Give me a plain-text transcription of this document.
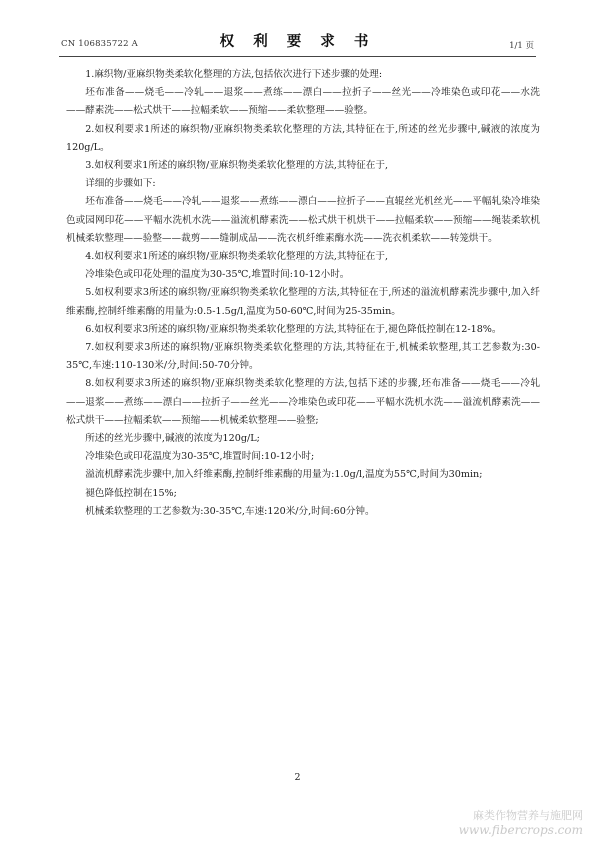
CN 106835722 A	权 利 要 求 书	1/1 页

1.麻织物/亚麻织物类柔软化整理的方法,包括依次进行下述步骤的处理:

坯布准备——烧毛——冷轧——退浆——煮练——漂白——拉折子——丝光——冷堆染色或印花——水洗——酵素洗——松式烘干——拉幅柔软——预缩——柔软整理——验整。

2.如权利要求1所述的麻织物/亚麻织物类柔软化整理的方法,其特征在于,所述的丝光步骤中,碱液的浓度为120g/L。

3.如权利要求1所述的麻织物/亚麻织物类柔软化整理的方法,其特征在于,

详细的步骤如下:

坯布准备——烧毛——冷轧——退浆——煮练——漂白——拉折子——直辊丝光机丝光——平幅轧染冷堆染色或园网印花——平幅水洗机水洗——溢流机酵素洗——松式烘干机烘干——拉幅柔软——预缩——绳装柔软机机械柔软整理——验整——裁剪——缝制成品——洗衣机纤维素酶水洗——洗衣机柔软——转笼烘干。

4.如权利要求1所述的麻织物/亚麻织物类柔软化整理的方法,其特征在于,

冷堆染色或印花处理的温度为30-35℃,堆置时间:10-12小时。

5.如权利要求3所述的麻织物/亚麻织物类柔软化整理的方法,其特征在于,所述的溢流机酵素洗步骤中,加入纤维素酶,控制纤维素酶的用量为:0.5-1.5g/l,温度为50-60℃,时间为25-35min。

6.如权利要求3所述的麻织物/亚麻织物类柔软化整理的方法,其特征在于,褪色降低控制在12-18%。

7.如权利要求3所述的麻织物/亚麻织物类柔软化整理的方法,其特征在于,机械柔软整理,其工艺参数为:30-35℃,车速:110-130米/分,时间:50-70分钟。

8.如权利要求3所述的麻织物/亚麻织物类柔软化整理的方法,包括下述的步骤,坯布准备——烧毛——冷轧——退浆——煮练——漂白——拉折子——丝光——冷堆染色或印花——平幅水洗机水洗——溢流机酵素洗——松式烘干——拉幅柔软——预缩——机械柔软整理——验整;

所述的丝光步骤中,碱液的浓度为120g/L;

冷堆染色或印花温度为30-35℃,堆置时间:10-12小时;

溢流机酵素洗步骤中,加入纤维素酶,控制纤维素酶的用量为:1.0g/l,温度为55℃,时间为30min;

褪色降低控制在15%;

机械柔软整理的工艺参数为:30-35℃,车速:120米/分,时间:60分钟。

2
麻类作物营养与施肥网
www.fibercrops.com
